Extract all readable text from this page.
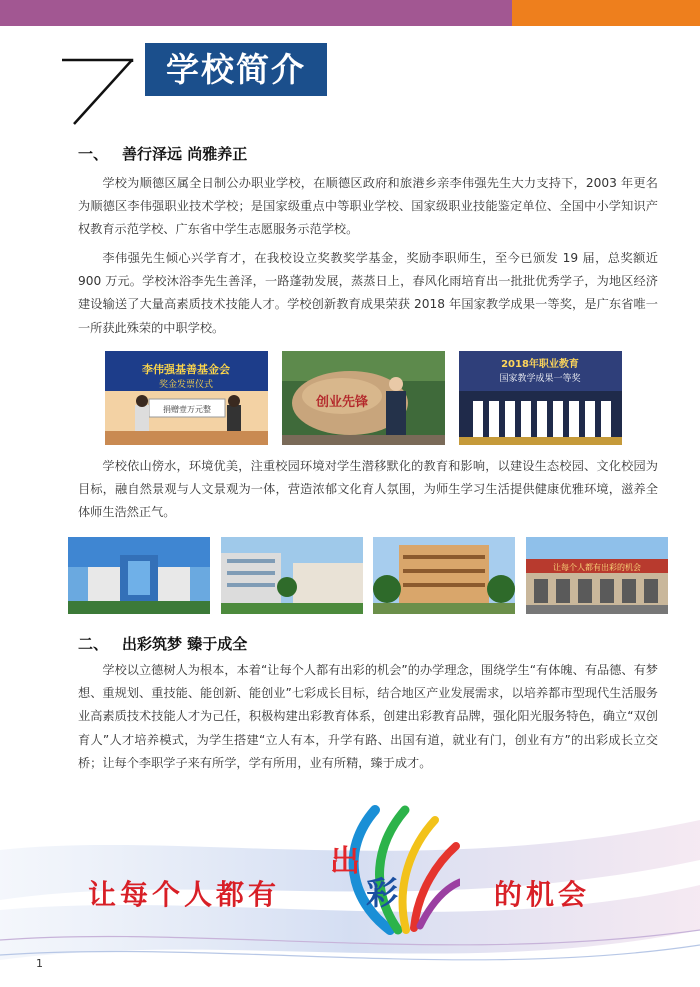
学校简介
一、 善行泽远 尚雅养正

学校为顺德区属全日制公办职业学校，在顺德区政府和旅港乡亲李伟强先生大力支持下，2003 年更名为顺德区李伟强职业技术学校；是国家级重点中等职业学校、国家级职业技能鉴定单位、全国中小学知识产权教育示范学校、广东省中学生志愿服务示范学校。

李伟强先生倾心兴学育才，在我校设立奖教奖学基金，奖励李职师生，至今已颁发 19 届，总奖额近 900 万元。学校沐浴李先生善泽，一路蓬勃发展，蒸蒸日上，春风化雨培育出一批批优秀学子，为地区经济建设输送了大量高素质技术技能人才。学校创新教育成果荣获 2018 年国家教学成果一等奖，是广东省唯一一所获此殊荣的中职学校。

李伟强基善基金会
奖金发票仪式
捐赠壹万元整	创业先锋
2018年职业教育
国家教学成果一等奖

学校依山傍水，环境优美，注重校园环境对学生潜移默化的教育和影响，以建设生态校园、文化校园为目标，融自然景观与人文景观为一体，营造浓郁文化育人氛围，为师生学习生活提供健康优雅环境，滋养全体师生浩然正气。

让每个人都有出彩的机会
二、 出彩筑梦 臻于成全

学校以立德树人为根本，本着“让每个人都有出彩的机会”的办学理念，围绕学生“有体魄、有品德、有梦想、重规划、重技能、能创新、能创业”七彩成长目标，结合地区产业发展需求，以培养都市型现代生活服务业高素质技术技能人才为己任，积极构建出彩教育体系，创建出彩教育品牌，强化阳光服务特色，确立“双创育人”人才培养模式，为学生搭建“立人有本，升学有路、出国有道，就业有门，创业有方”的出彩成长立交桥；让每个李职学子来有所学，学有所用，业有所精，臻于成才。

让每个人都有
出
彩	的机会
1
